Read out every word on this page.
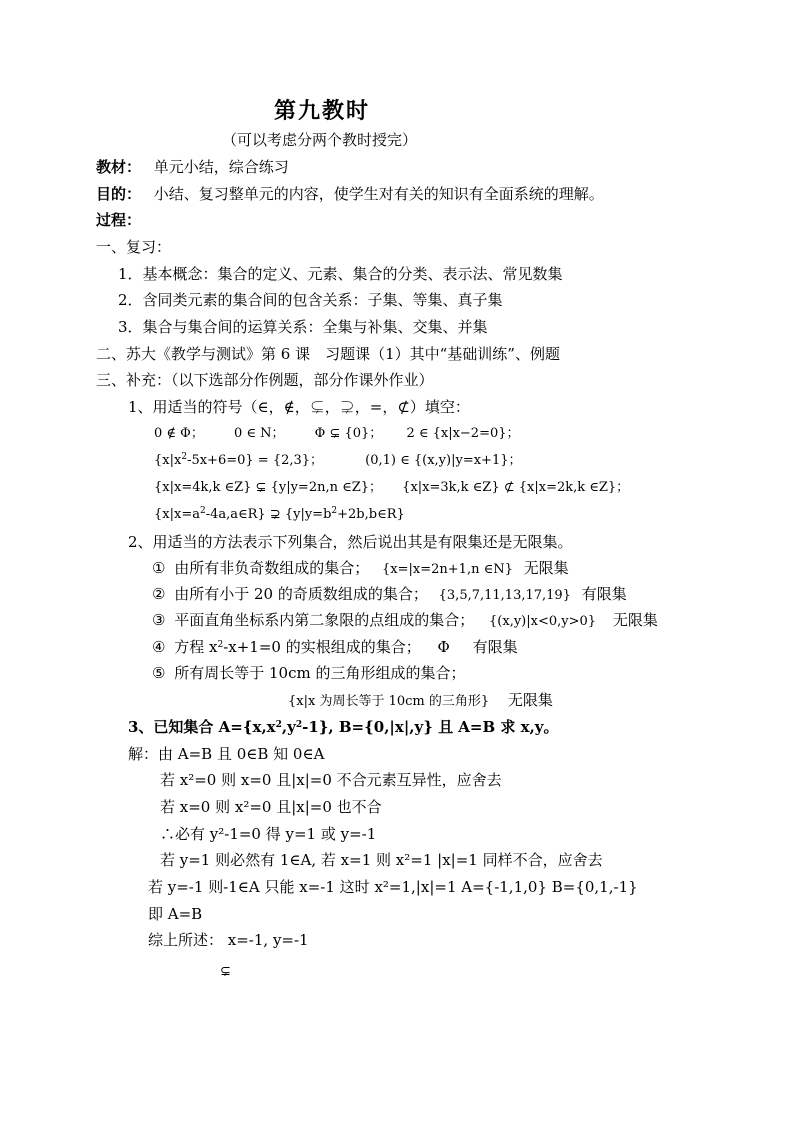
第九教时
（可以考虑分两个教时授完）
教材： 单元小结，综合练习
目的： 小结、复习整单元的内容，使学生对有关的知识有全面系统的理解。
过程：
一、复习：
1．基本概念：集合的定义、元素、集合的分类、表示法、常见数集
2．含同类元素的集合间的包含关系：子集、等集、真子集
3．集合与集合间的运算关系：全集与补集、交集、并集
二、苏大《教学与测试》第 6 课　习题课（1）其中“基础训练”、例题
三、补充：（以下选部分作例题，部分作课外作业）
1、用适当的符号（∈，∉，⊊，⊋，=，⊄）填空：
0 ∉ Φ； 0 ∈ N； Φ ⊊ {0}； 2 ∈ {x|x−2=0}；
$\{x|x^2-5x+6=0\} = \{2,3\}$；	(0,1) ∈ {(x,y)|y=x+1}；
{x|x=4k,k ∈Z} ⊊ {y|y=2n,n ∈Z}； {x|x=3k,k ∈Z} ⊄ {x|x=2k,k ∈Z}；
$\{x|x=a^2-4a,a\in R\}$ ⊋ $\{y|y=b^2+2b,b\in R\}$
2、用适当的方法表示下列集合，然后说出其是有限集还是无限集。
① 由所有非负奇数组成的集合； {x=|x=2n+1,n ∈N} 无限集
② 由所有小于 20 的奇质数组成的集合； {3,5,7,11,13,17,19} 有限集
③ 平面直角坐标系内第二象限的点组成的集合； {(x,y)|x<0,y>0} 无限集
④ 方程 $x^2-x+1=0$ 的实根组成的集合； Φ 有限集
⑤ 所有周长等于 10cm 的三角形组成的集合；
{x|x 为周长等于 10cm 的三角形} 无限集
3、已知集合 $A=\{x,x^2,y^2-1\}$, B={0,|x|,y} 且 A=B 求 x,y。
解：由 A=B 且 0∈B 知 0∈A
若 x²=0 则 x=0 且|x|=0 不合元素互异性，应舍去
若 x=0 则 x²=0 且|x|=0 也不合
∴必有 y²-1=0 得 y=1 或 y=-1
若 y=1 则必然有 1∈A, 若 x=1 则 x²=1 |x|=1 同样不合，应舍去
若 y=-1 则-1∈A 只能 x=-1 这时 x²=1,|x|=1 A={-1,1,0} B={0,1,-1}
即 A=B
综上所述： x=-1, y=-1
⊊
